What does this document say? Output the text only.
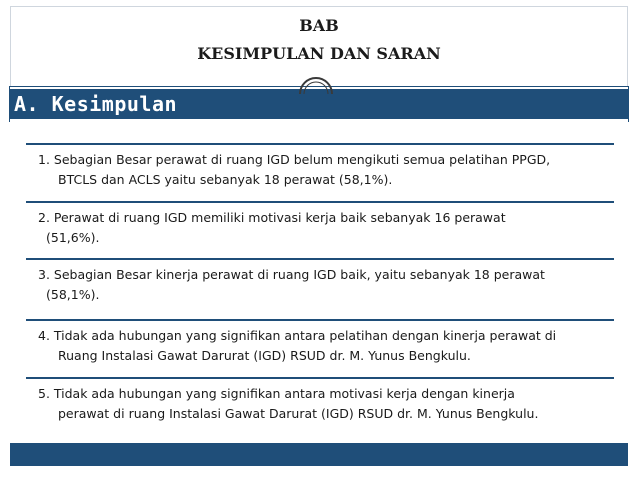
BAB
KESIMPULAN DAN SARAN
A. Kesimpulan
1. Sebagian Besar perawat di ruang IGD belum mengikuti semua pelatihan PPGD,
BTCLS dan ACLS yaitu sebanyak 18 perawat (58,1%).
2. Perawat di ruang IGD memiliki motivasi kerja baik sebanyak 16 perawat
(51,6%).
3. Sebagian Besar kinerja perawat di ruang IGD baik, yaitu sebanyak 18 perawat
(58,1%).
4. Tidak ada hubungan yang signifikan antara pelatihan dengan kinerja perawat di
Ruang Instalasi Gawat Darurat (IGD) RSUD dr. M. Yunus Bengkulu.
5. Tidak ada hubungan yang signifikan antara motivasi kerja dengan kinerja
perawat di ruang Instalasi Gawat Darurat (IGD) RSUD dr. M. Yunus Bengkulu.
